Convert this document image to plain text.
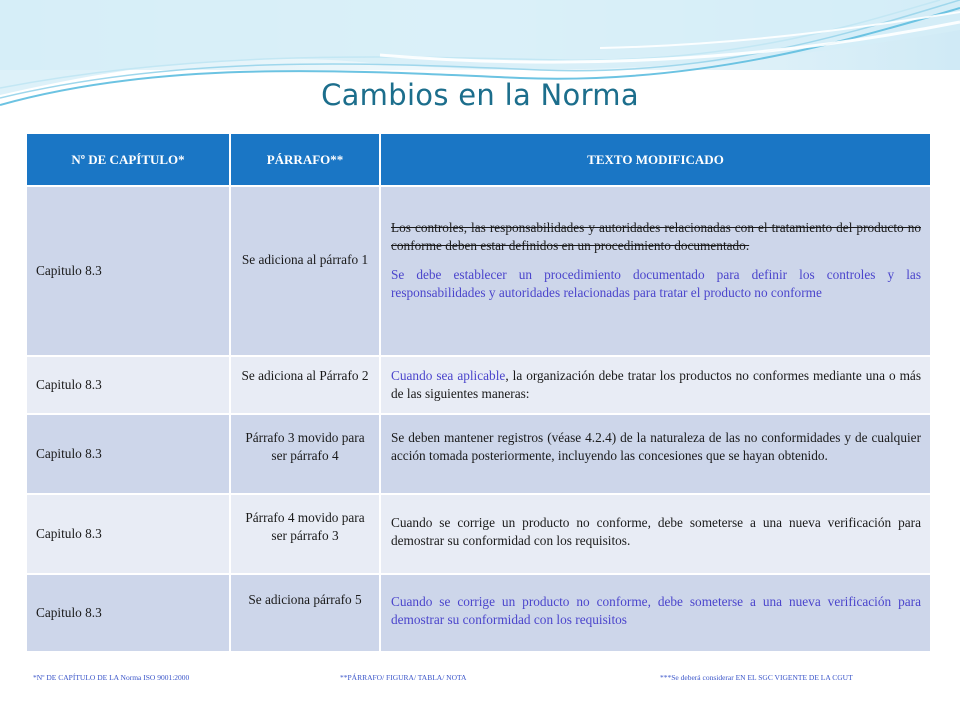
Cambios en la Norma
Nº DE CAPÍTULO*	PÁRRAFO**	TEXTO MODIFICADO
Capitulo 8.3	Se adiciona al párrafo 1	Los controles, las responsabilidades y autoridades relacionadas con el tratamiento del producto no conforme deben estar definidos en un procedimiento documentado.
Se debe establecer un procedimiento documentado para definir los controles y las responsabilidades y autoridades relacionadas para tratar el producto no conforme

Capitulo 8.3	Se adiciona al Párrafo 2	Cuando sea aplicable, la organización debe tratar los productos no conformes mediante una o más de las siguientes maneras:
Capitulo 8.3	Párrafo 3 movido para ser párrafo 4	Se deben mantener registros (véase 4.2.4) de la naturaleza de las no conformidades y de cualquier acción tomada posteriormente, incluyendo las concesiones que se hayan obtenido.
Capitulo 8.3	Párrafo 4 movido para ser párrafo 3	Cuando se corrige un producto no conforme, debe someterse a una nueva verificación para demostrar su conformidad con los requisitos.
Capitulo 8.3	Se adiciona párrafo 5	Cuando se corrige un producto no conforme, debe someterse a una nueva verificación para demostrar su conformidad con los requisitos
*Nº DE CAPÍTULO DE LA Norma ISO 9001:2000	**PÁRRAFO/ FIGURA/ TABLA/ NOTA	***Se deberá considerar EN EL SGC VIGENTE DE LA CGUT
